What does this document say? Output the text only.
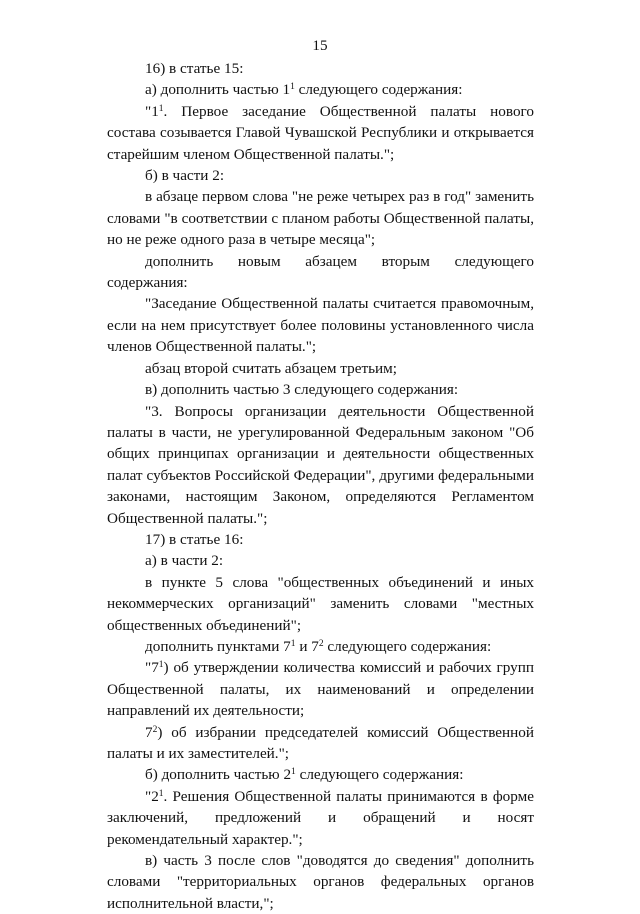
15

16) в статье 15:

а) дополнить частью $1^1$ следующего содержания:

"$1^1$. Первое заседание Общественной палаты нового состава созывается Главой Чувашской Республики и открывается старейшим членом Общественной палаты.";

б) в части 2:

в абзаце первом слова "не реже четырех раз в год" заменить словами "в соответствии с планом работы Общественной палаты, но не реже одного раза в четыре месяца";

дополнить новым абзацем вторым следующего содержания:

"Заседание Общественной палаты считается правомочным, если на нем присутствует более половины установленного числа членов Общественной палаты.";

абзац второй считать абзацем третьим;

в) дополнить частью 3 следующего содержания:

"3. Вопросы организации деятельности Общественной палаты в части, не урегулированной Федеральным законом "Об общих принципах организации и деятельности общественных палат субъектов Российской Федерации", другими федеральными законами, настоящим Законом, определяются Регламентом Общественной палаты.";

17) в статье 16:

а) в части 2:

в пункте 5 слова "общественных объединений и иных некоммерческих организаций" заменить словами "местных общественных объединений";

дополнить пунктами $7^1$ и $7^2$ следующего содержания:

"$7^1$) об утверждении количества комиссий и рабочих групп Общественной палаты, их наименований и определении направлений их деятельности;

$7^2$) об избрании председателей комиссий Общественной палаты и их заместителей.";

б) дополнить частью $2^1$ следующего содержания:

"$2^1$. Решения Общественной палаты принимаются в форме заключений, предложений и обращений и носят рекомендательный характер.";

в) часть 3 после слов "доводятся до сведения" дополнить словами "территориальных органов федеральных органов исполнительной власти,";
